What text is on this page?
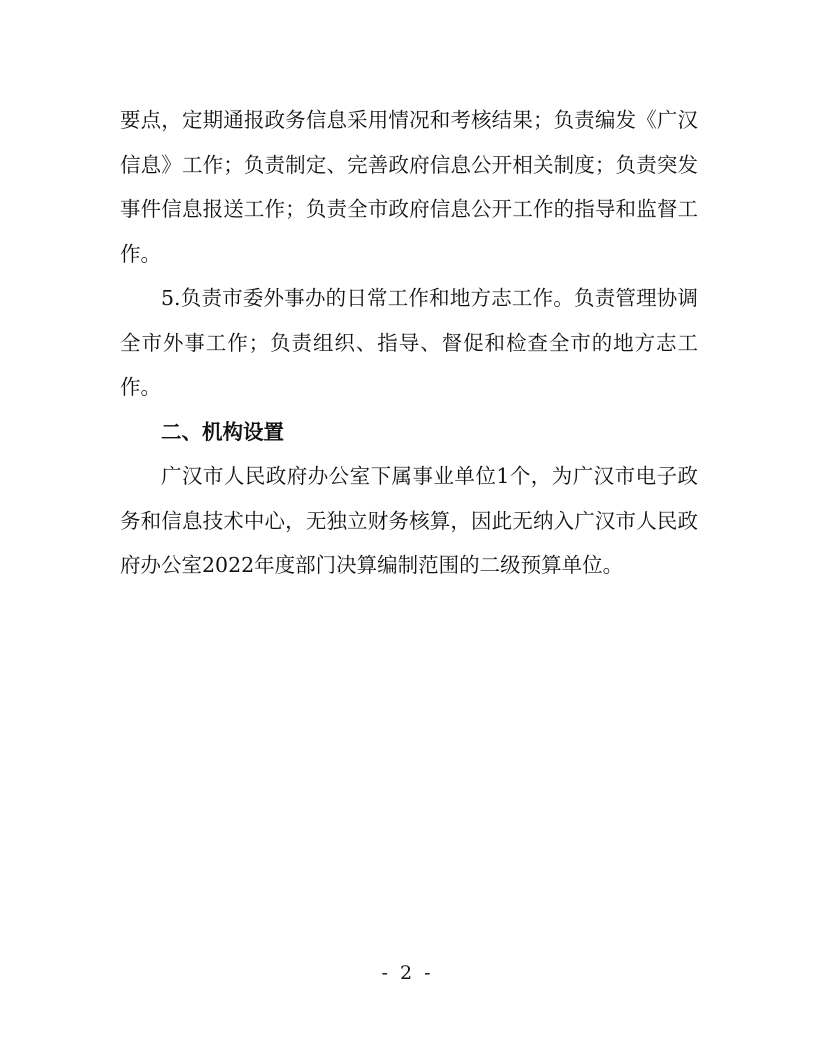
要点，定期通报政务信息采用情况和考核结果；负责编发《广汉信息》工作；负责制定、完善政府信息公开相关制度；负责突发事件信息报送工作；负责全市政府信息公开工作的指导和监督工作。

5.负责市委外事办的日常工作和地方志工作。负责管理协调全市外事工作；负责组织、指导、督促和检查全市的地方志工作。

二、机构设置

广汉市人民政府办公室下属事业单位1个，为广汉市电子政务和信息技术中心，无独立财务核算，因此无纳入广汉市人民政府办公室2022年度部门决算编制范围的二级预算单位。

- 2 -
